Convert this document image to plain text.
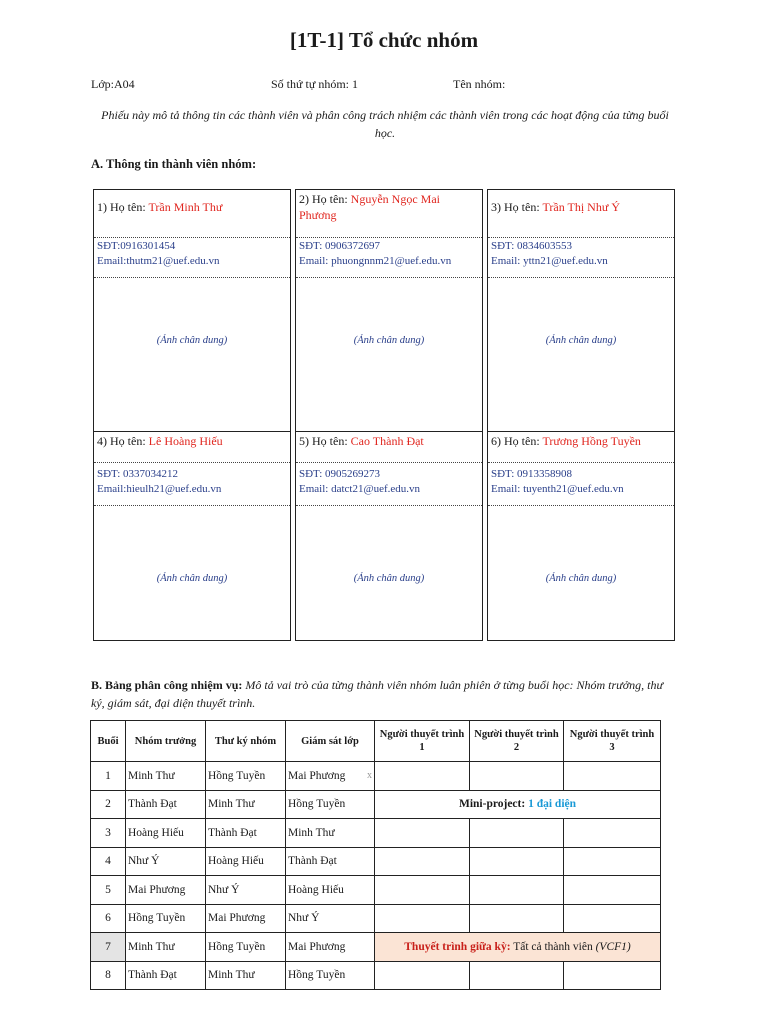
[1T-1] Tổ chức nhóm
Lớp:A04	Số thứ tự nhóm: 1	Tên nhóm:
Phiếu này mô tả thông tin các thành viên và phân công trách nhiệm các thành viên trong các hoạt động của từng buổi học.
A. Thông tin thành viên nhóm:
1) Họ tên: Trần Minh Thư
SĐT:0916301454
Email:thutm21@uef.edu.vn
(Ảnh chân dung)
2) Họ tên: Nguyễn Ngọc Mai Phương
SĐT: 0906372697
Email: phuongnnm21@uef.edu.vn
(Ảnh chân dung)
3) Họ tên: Trần Thị Như Ý
SĐT: 0834603553
Email: yttn21@uef.edu.vn
(Ảnh chân dung)
4) Họ tên: Lê Hoàng Hiếu
SĐT: 0337034212
Email:hieulh21@uef.edu.vn
(Ảnh chân dung)
5) Họ tên: Cao Thành Đạt
SĐT: 0905269273
Email: datct21@uef.edu.vn
(Ảnh chân dung)
6) Họ tên: Trương Hồng Tuyền
SĐT: 0913358908
Email: tuyenth21@uef.edu.vn
(Ảnh chân dung)
B. Bảng phân công nhiệm vụ: Mô tả vai trò của từng thành viên nhóm luân phiên ở từng buổi học: Nhóm trưởng, thư ký, giám sát, đại diện thuyết trình.
Buổi	Nhóm trưởng	Thư ký nhóm	Giám sát lớp	Người thuyết trình 1	Người thuyết trình 2	Người thuyết trình 3
1	Minh Thư	Hồng Tuyền	Mai Phương x			

2	Thành Đạt	Minh Thư	Hồng Tuyền	Mini-project: 1 đại diện		
3	Hoàng Hiếu	Thành Đạt	Minh Thư			
4	Như Ý	Hoàng Hiếu	Thành Đạt			
5	Mai Phương	Như Ý	Hoàng Hiếu			
6	Hồng Tuyền	Mai Phương	Như Ý			
7	Minh Thư	Hồng Tuyền	Mai Phương	Thuyết trình giữa kỳ: Tất cả thành viên (VCF1)		
8	Thành Đạt	Minh Thư	Hồng Tuyền			
